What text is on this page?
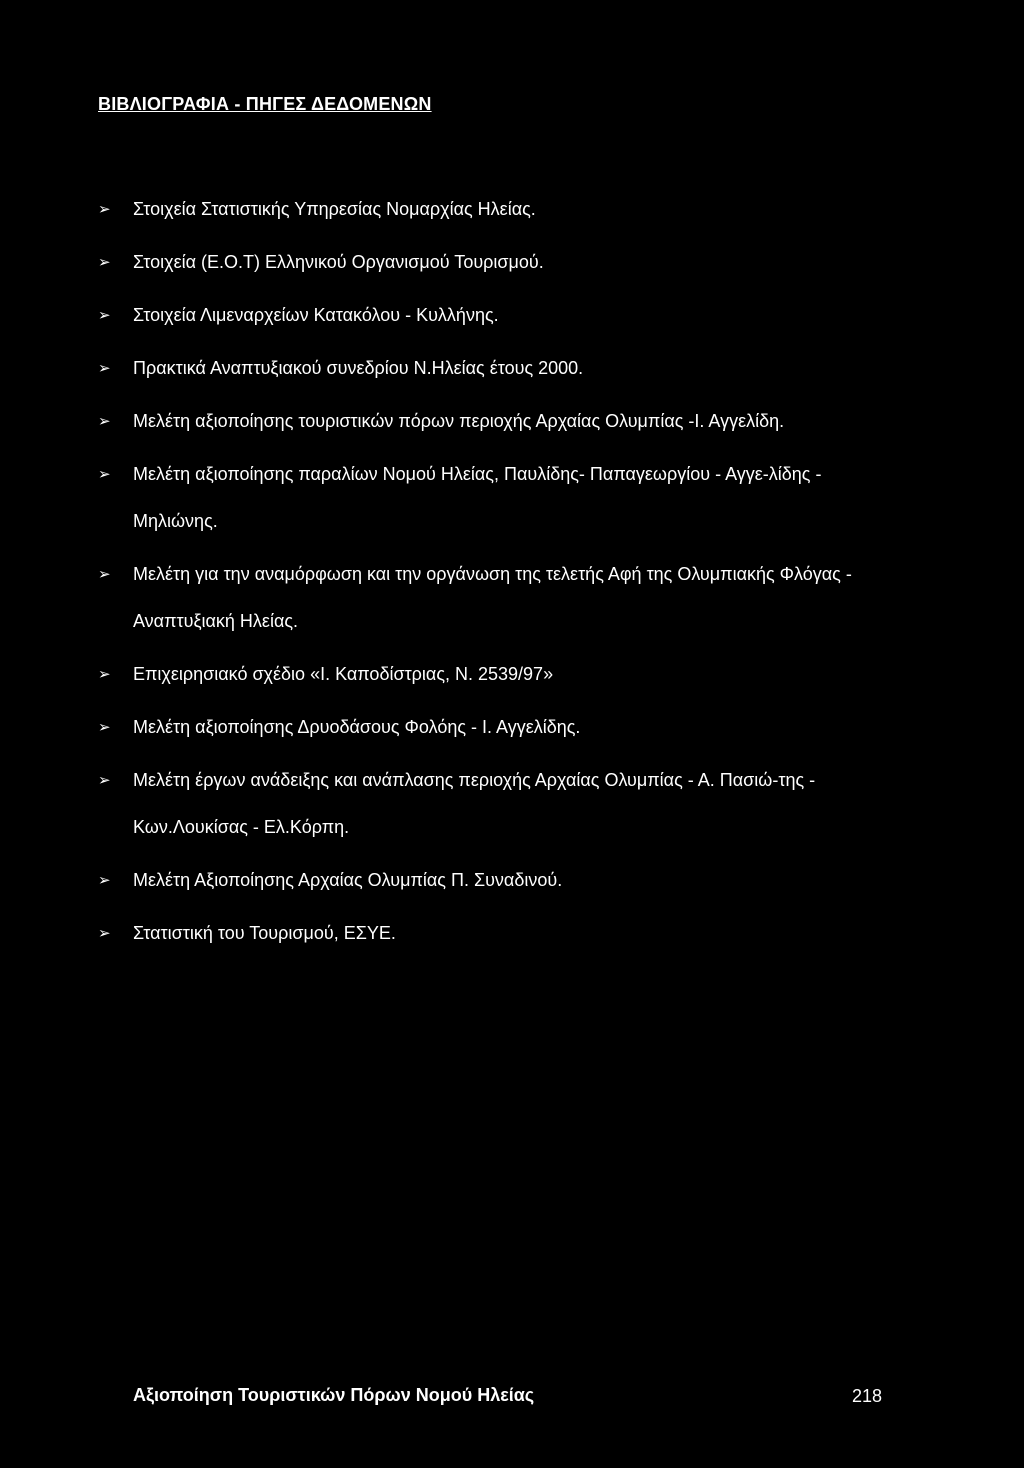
ΒΙΒΛΙΟΓΡΑΦΙΑ - ΠΗΓΕΣ ΔΕΔΟΜΕΝΩΝ
➢ Στοιχεία Στατιστικής Υπηρεσίας Νομαρχίας Ηλείας.
➢ Στοιχεία (Ε.Ο.Τ) Ελληνικού Οργανισμού Τουρισμού.
➢ Στοιχεία Λιμεναρχείων Κατακόλου - Κυλλήνης.
➢ Πρακτικά Αναπτυξιακού συνεδρίου Ν.Ηλείας έτους 2000.
➢ Μελέτη αξιοποίησης τουριστικών πόρων περιοχής Αρχαίας Ολυμπίας -Ι. Αγγελίδη.
➢ Μελέτη αξιοποίησης παραλίων Νομού Ηλείας, Παυλίδης- Παπαγεωργίου - Αγγε-λίδης - Μηλιώνης.
➢ Μελέτη για την αναμόρφωση και την οργάνωση της τελετής Αφή της Ολυμπιακής Φλόγας - Αναπτυξιακή Ηλείας.
➢ Επιχειρησιακό σχέδιο «Ι. Καποδίστριας, Ν. 2539/97»
➢ Μελέτη αξιοποίησης Δρυοδάσους Φολόης - Ι. Αγγελίδης.
➢ Μελέτη έργων ανάδειξης και ανάπλασης περιοχής Αρχαίας Ολυμπίας - Α. Πασιώ-της - Κων.Λουκίσας - Ελ.Κόρπη.
➢ Μελέτη Αξιοποίησης Αρχαίας Ολυμπίας Π. Συναδινού.
➢ Στατιστική του Τουρισμού, ΕΣΥΕ.
Αξιοποίηση Τουριστικών Πόρων Νομού Ηλείας	218
